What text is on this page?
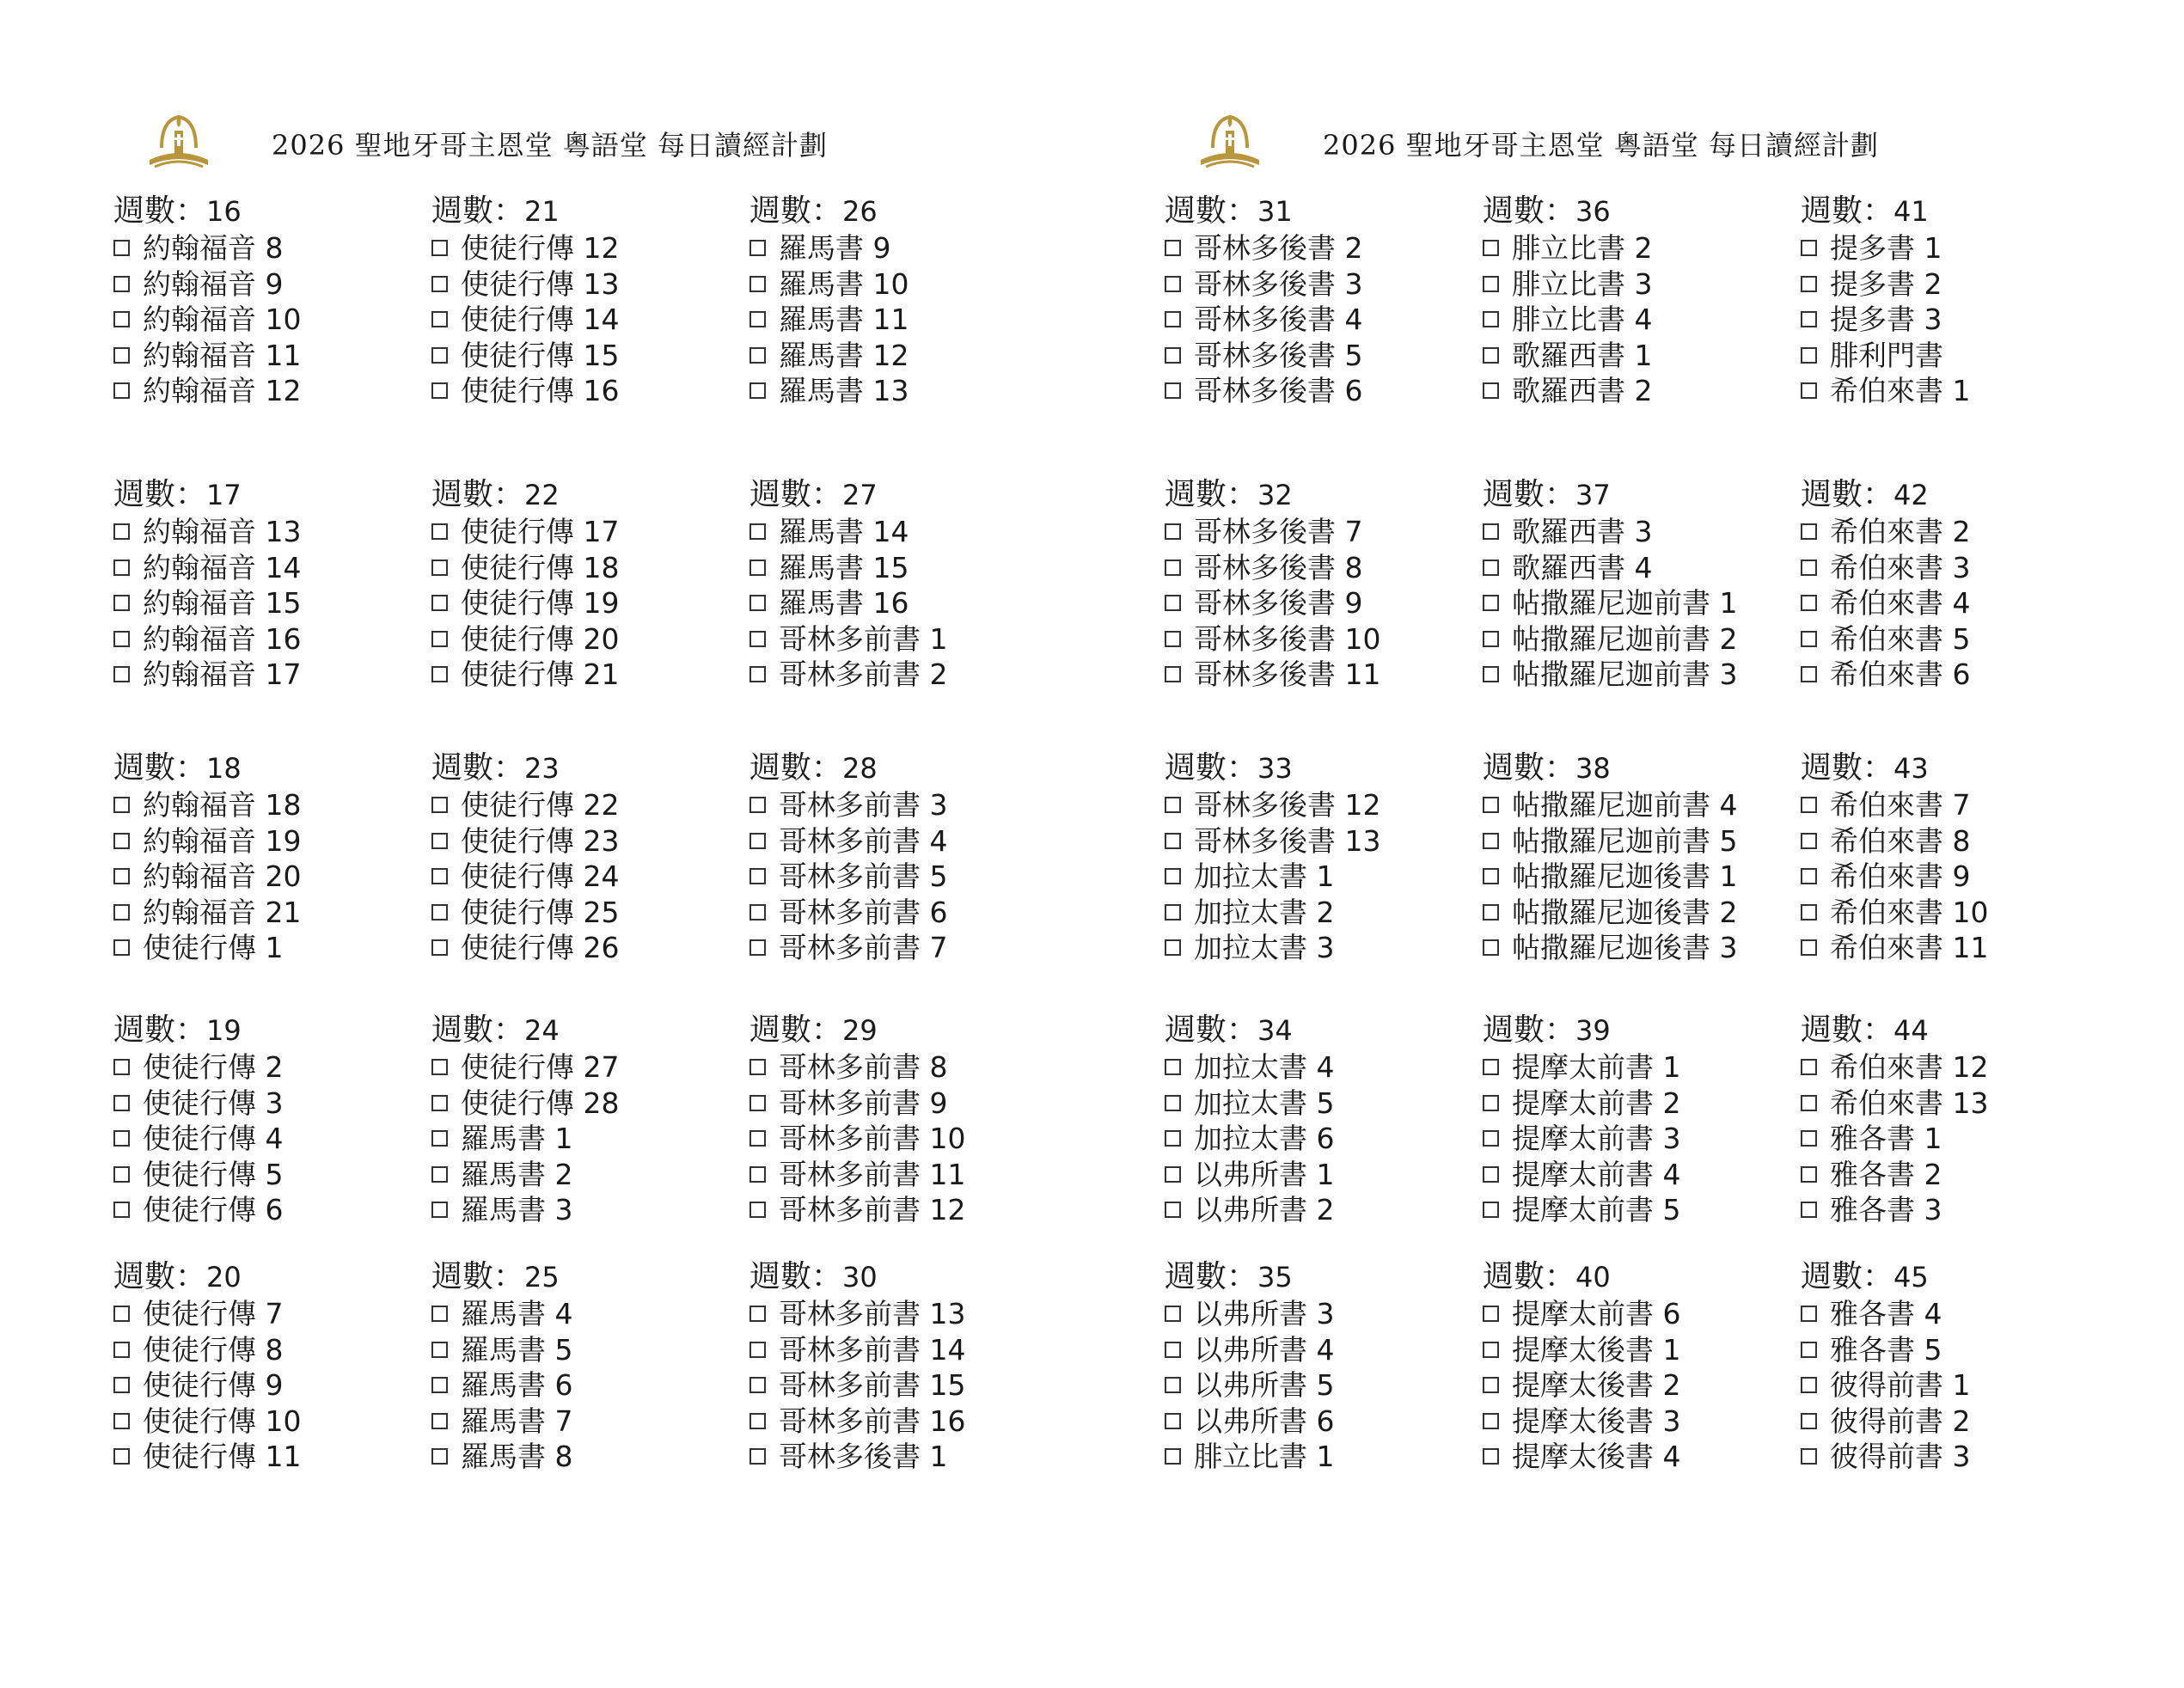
2026 聖地牙哥主恩堂 粵語堂 每日讀經計劃
週數：16
約翰福音 8
約翰福音 9
約翰福音 10
約翰福音 11
約翰福音 12
週數：21
使徒行傳 12
使徒行傳 13
使徒行傳 14
使徒行傳 15
使徒行傳 16
週數：26
羅馬書 9
羅馬書 10
羅馬書 11
羅馬書 12
羅馬書 13
週數：17
約翰福音 13
約翰福音 14
約翰福音 15
約翰福音 16
約翰福音 17
週數：22
使徒行傳 17
使徒行傳 18
使徒行傳 19
使徒行傳 20
使徒行傳 21
週數：27
羅馬書 14
羅馬書 15
羅馬書 16
哥林多前書 1
哥林多前書 2
週數：18
約翰福音 18
約翰福音 19
約翰福音 20
約翰福音 21
使徒行傳 1
週數：23
使徒行傳 22
使徒行傳 23
使徒行傳 24
使徒行傳 25
使徒行傳 26
週數：28
哥林多前書 3
哥林多前書 4
哥林多前書 5
哥林多前書 6
哥林多前書 7
週數：19
使徒行傳 2
使徒行傳 3
使徒行傳 4
使徒行傳 5
使徒行傳 6
週數：24
使徒行傳 27
使徒行傳 28
羅馬書 1
羅馬書 2
羅馬書 3
週數：29
哥林多前書 8
哥林多前書 9
哥林多前書 10
哥林多前書 11
哥林多前書 12
週數：20
使徒行傳 7
使徒行傳 8
使徒行傳 9
使徒行傳 10
使徒行傳 11
週數：25
羅馬書 4
羅馬書 5
羅馬書 6
羅馬書 7
羅馬書 8
週數：30
哥林多前書 13
哥林多前書 14
哥林多前書 15
哥林多前書 16
哥林多後書 1
2026 聖地牙哥主恩堂 粵語堂 每日讀經計劃
週數：31
哥林多後書 2
哥林多後書 3
哥林多後書 4
哥林多後書 5
哥林多後書 6
週數：36
腓立比書 2
腓立比書 3
腓立比書 4
歌羅西書 1
歌羅西書 2
週數：41
提多書 1
提多書 2
提多書 3
腓利門書
希伯來書 1
週數：32
哥林多後書 7
哥林多後書 8
哥林多後書 9
哥林多後書 10
哥林多後書 11
週數：37
歌羅西書 3
歌羅西書 4
帖撒羅尼迦前書 1
帖撒羅尼迦前書 2
帖撒羅尼迦前書 3
週數：42
希伯來書 2
希伯來書 3
希伯來書 4
希伯來書 5
希伯來書 6
週數：33
哥林多後書 12
哥林多後書 13
加拉太書 1
加拉太書 2
加拉太書 3
週數：38
帖撒羅尼迦前書 4
帖撒羅尼迦前書 5
帖撒羅尼迦後書 1
帖撒羅尼迦後書 2
帖撒羅尼迦後書 3
週數：43
希伯來書 7
希伯來書 8
希伯來書 9
希伯來書 10
希伯來書 11
週數：34
加拉太書 4
加拉太書 5
加拉太書 6
以弗所書 1
以弗所書 2
週數：39
提摩太前書 1
提摩太前書 2
提摩太前書 3
提摩太前書 4
提摩太前書 5
週數：44
希伯來書 12
希伯來書 13
雅各書 1
雅各書 2
雅各書 3
週數：35
以弗所書 3
以弗所書 4
以弗所書 5
以弗所書 6
腓立比書 1
週數：40
提摩太前書 6
提摩太後書 1
提摩太後書 2
提摩太後書 3
提摩太後書 4
週數：45
雅各書 4
雅各書 5
彼得前書 1
彼得前書 2
彼得前書 3
